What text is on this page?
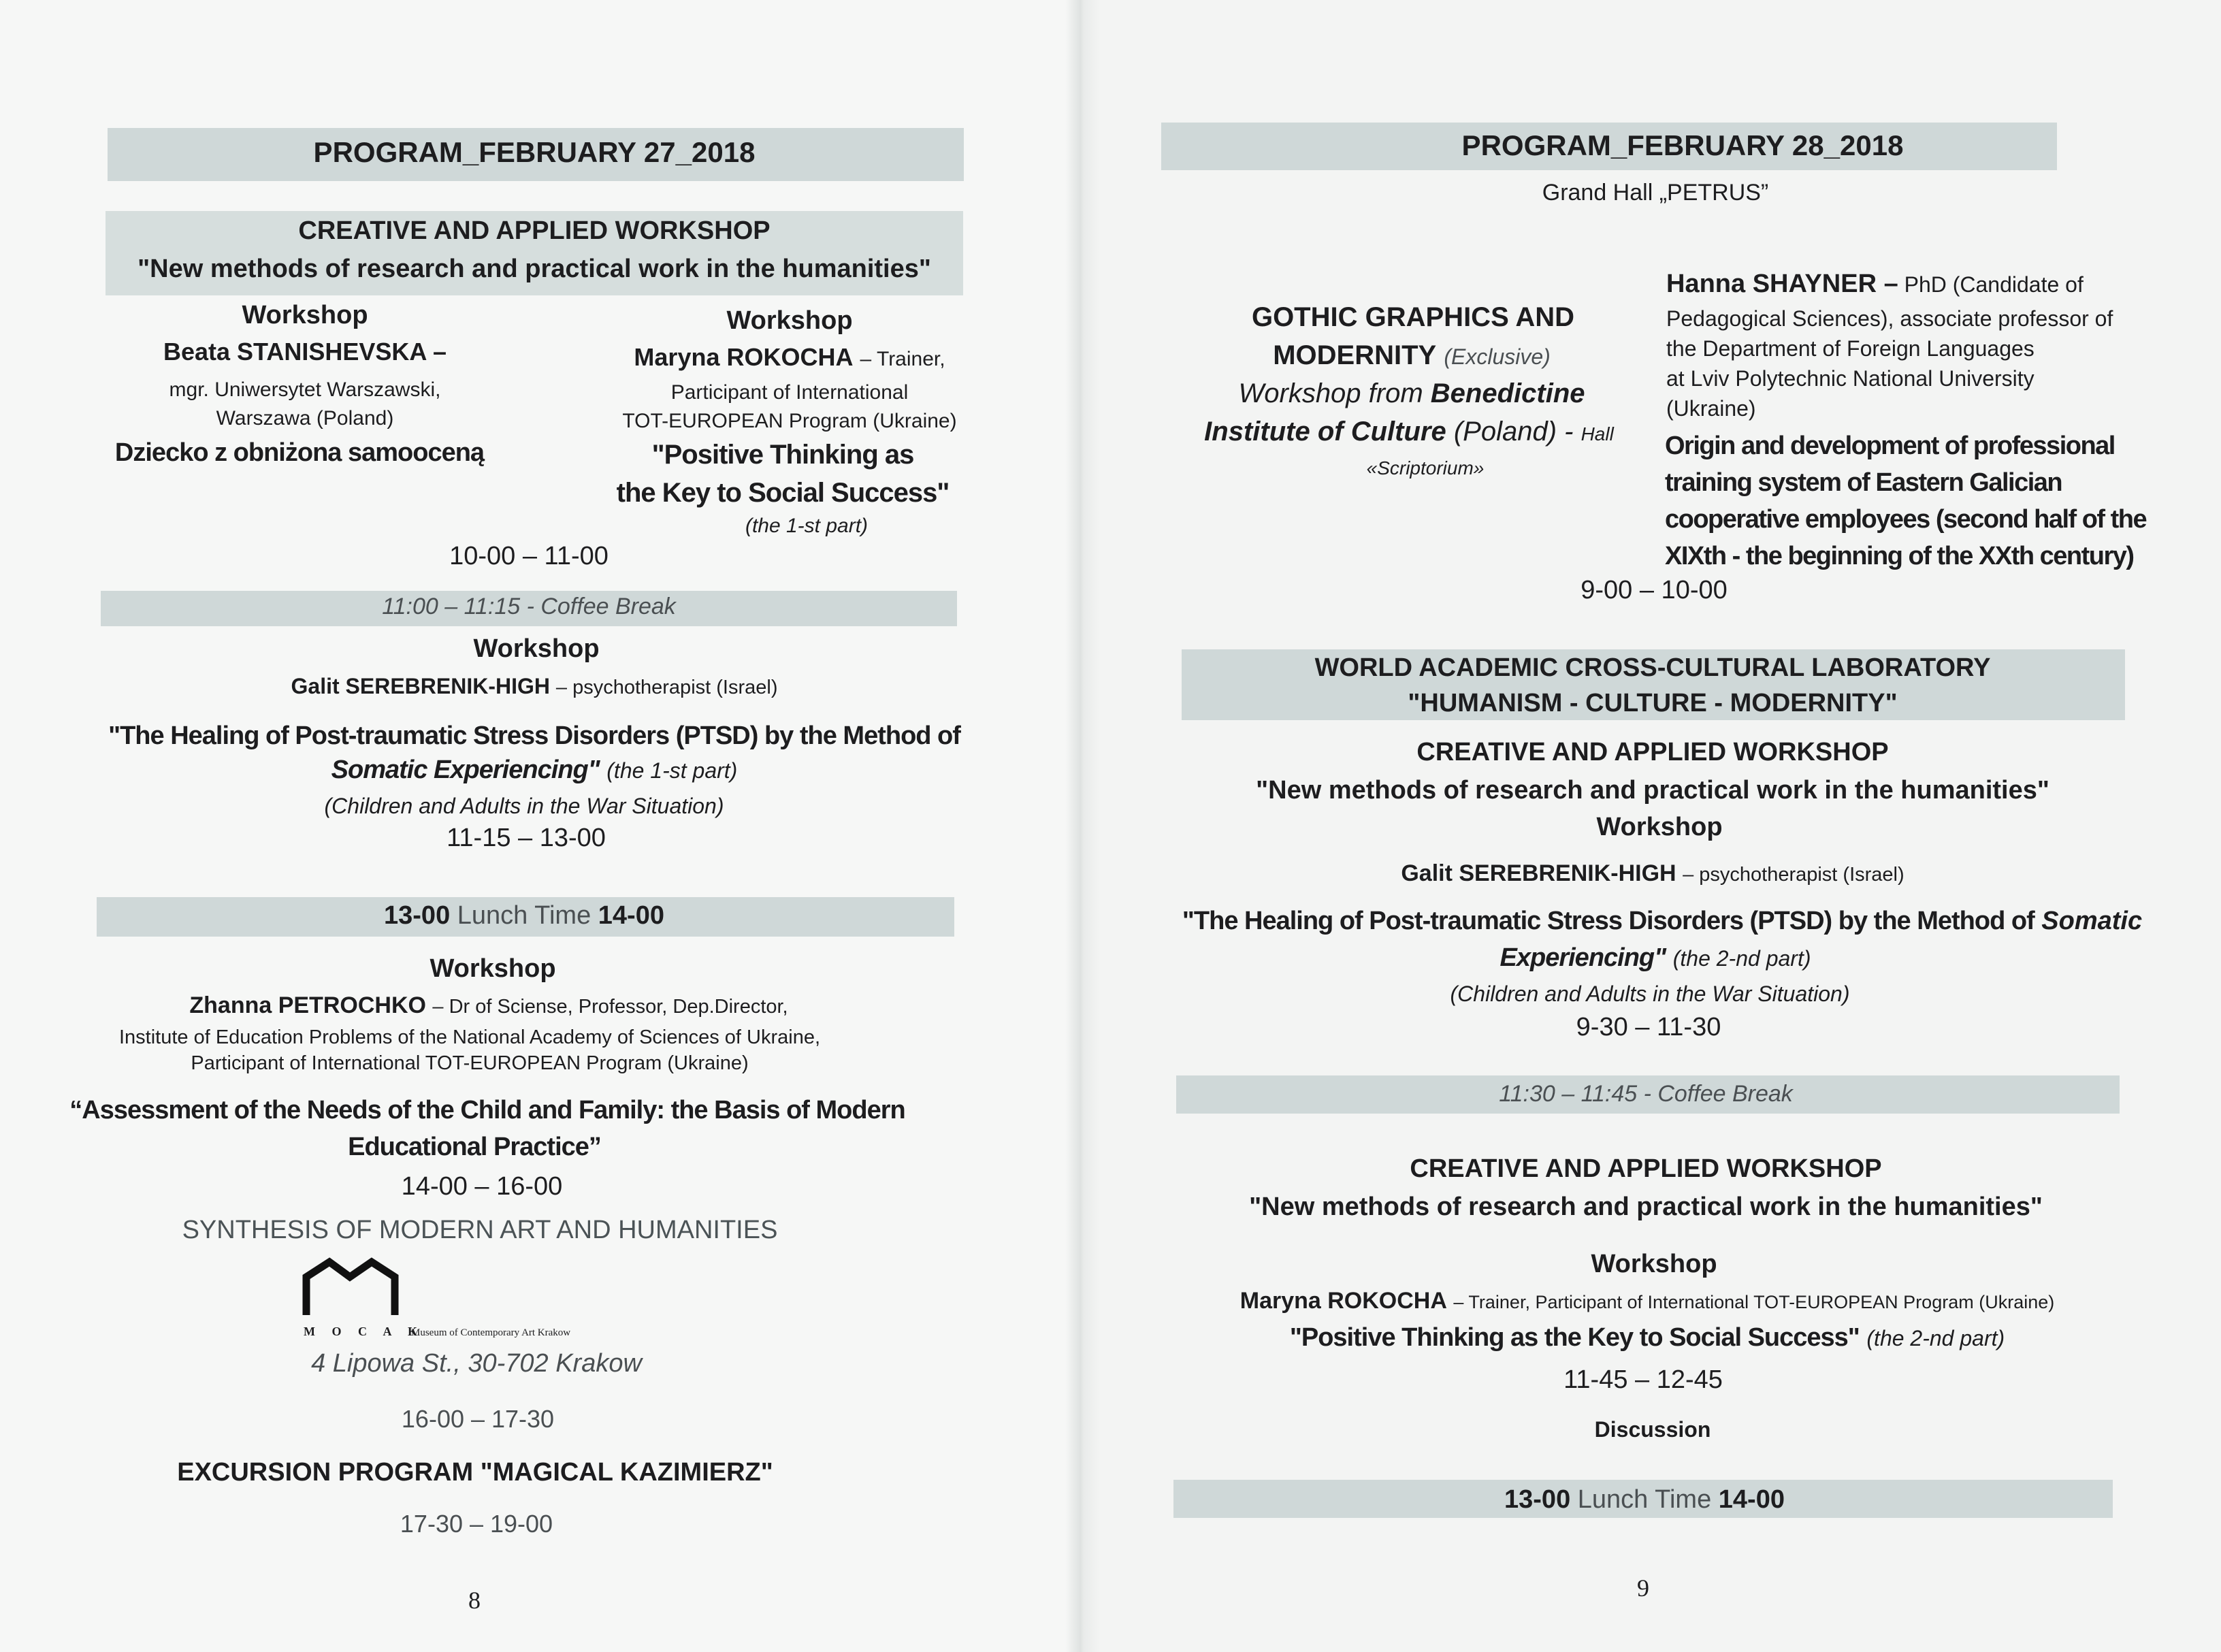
PROGRAM_FEBRUARY 27_2018
CREATIVE AND APPLIED WORKSHOP
"New methods of research and practical work in the humanities"
Workshop
Beata STANISHEVSKA –
mgr. Uniwersytet Warszawski,
Warszawa (Poland)
Dziecko z obniżona samooceną
Workshop
Maryna ROKOCHA – Trainer,
Participant of International
TOT-EUROPEAN Program (Ukraine)
"Positive Thinking as
the Key to Social Success"
(the 1-st part)
10-00 – 11-00
11:00 – 11:15 - Coffee Break
Workshop
Galit SEREBRENIK-HIGH – psychotherapist (Israel)
"The Healing of Post-traumatic Stress Disorders (PTSD) by the Method of
Somatic Experiencing" (the 1-st part)
(Children and Adults in the War Situation)
11-15 – 13-00
13-00 Lunch Time 14-00
Workshop
Zhanna PETROCHKO – Dr of Sciense, Professor, Dep.Director,
Institute of Education Problems of the National Academy of Sciences of Ukraine,
Participant of International TOT-EUROPEAN Program (Ukraine)
“Assessment of the Needs of the Child and Family: the Basis of Modern
Educational Practice”
14-00 – 16-00
SYNTHESIS OF MODERN ART AND HUMANITIES
M O C A K
Museum of Contemporary Art Krakow
4 Lipowa St., 30-702 Krakow
16-00 – 17-30
EXCURSION PROGRAM "MAGICAL KAZIMIERZ"
17-30 – 19-00
8
PROGRAM_FEBRUARY 28_2018
Grand Hall „PETRUS”
GOTHIC GRAPHICS AND
MODERNITY (Exclusive)
Workshop from Benedictine
Institute of Culture (Poland) - Hall
«Scriptorium»
Hanna SHAYNER – PhD (Candidate of
Pedagogical Sciences), associate professor of
the Department of Foreign Languages
at Lviv Polytechnic National University
(Ukraine)
Origin and development of professional
training system of Eastern Galician
cooperative employees (second half of the
XIXth - the beginning of the XXth century)
9-00 – 10-00
WORLD ACADEMIC CROSS-CULTURAL LABORATORY
"HUMANISM - CULTURE - MODERNITY"
CREATIVE AND APPLIED WORKSHOP
"New methods of research and practical work in the humanities"
Workshop
Galit SEREBRENIK-HIGH – psychotherapist (Israel)
"The Healing of Post-traumatic Stress Disorders (PTSD) by the Method of Somatic
Experiencing" (the 2-nd part)
(Children and Adults in the War Situation)
9-30 – 11-30
11:30 – 11:45 - Coffee Break
CREATIVE AND APPLIED WORKSHOP
"New methods of research and practical work in the humanities"
Workshop
Maryna ROKOCHA – Trainer, Participant of International TOT-EUROPEAN Program (Ukraine)
"Positive Thinking as the Key to Social Success" (the 2-nd part)
11-45 – 12-45
Discussion
13-00 Lunch Time 14-00
9
